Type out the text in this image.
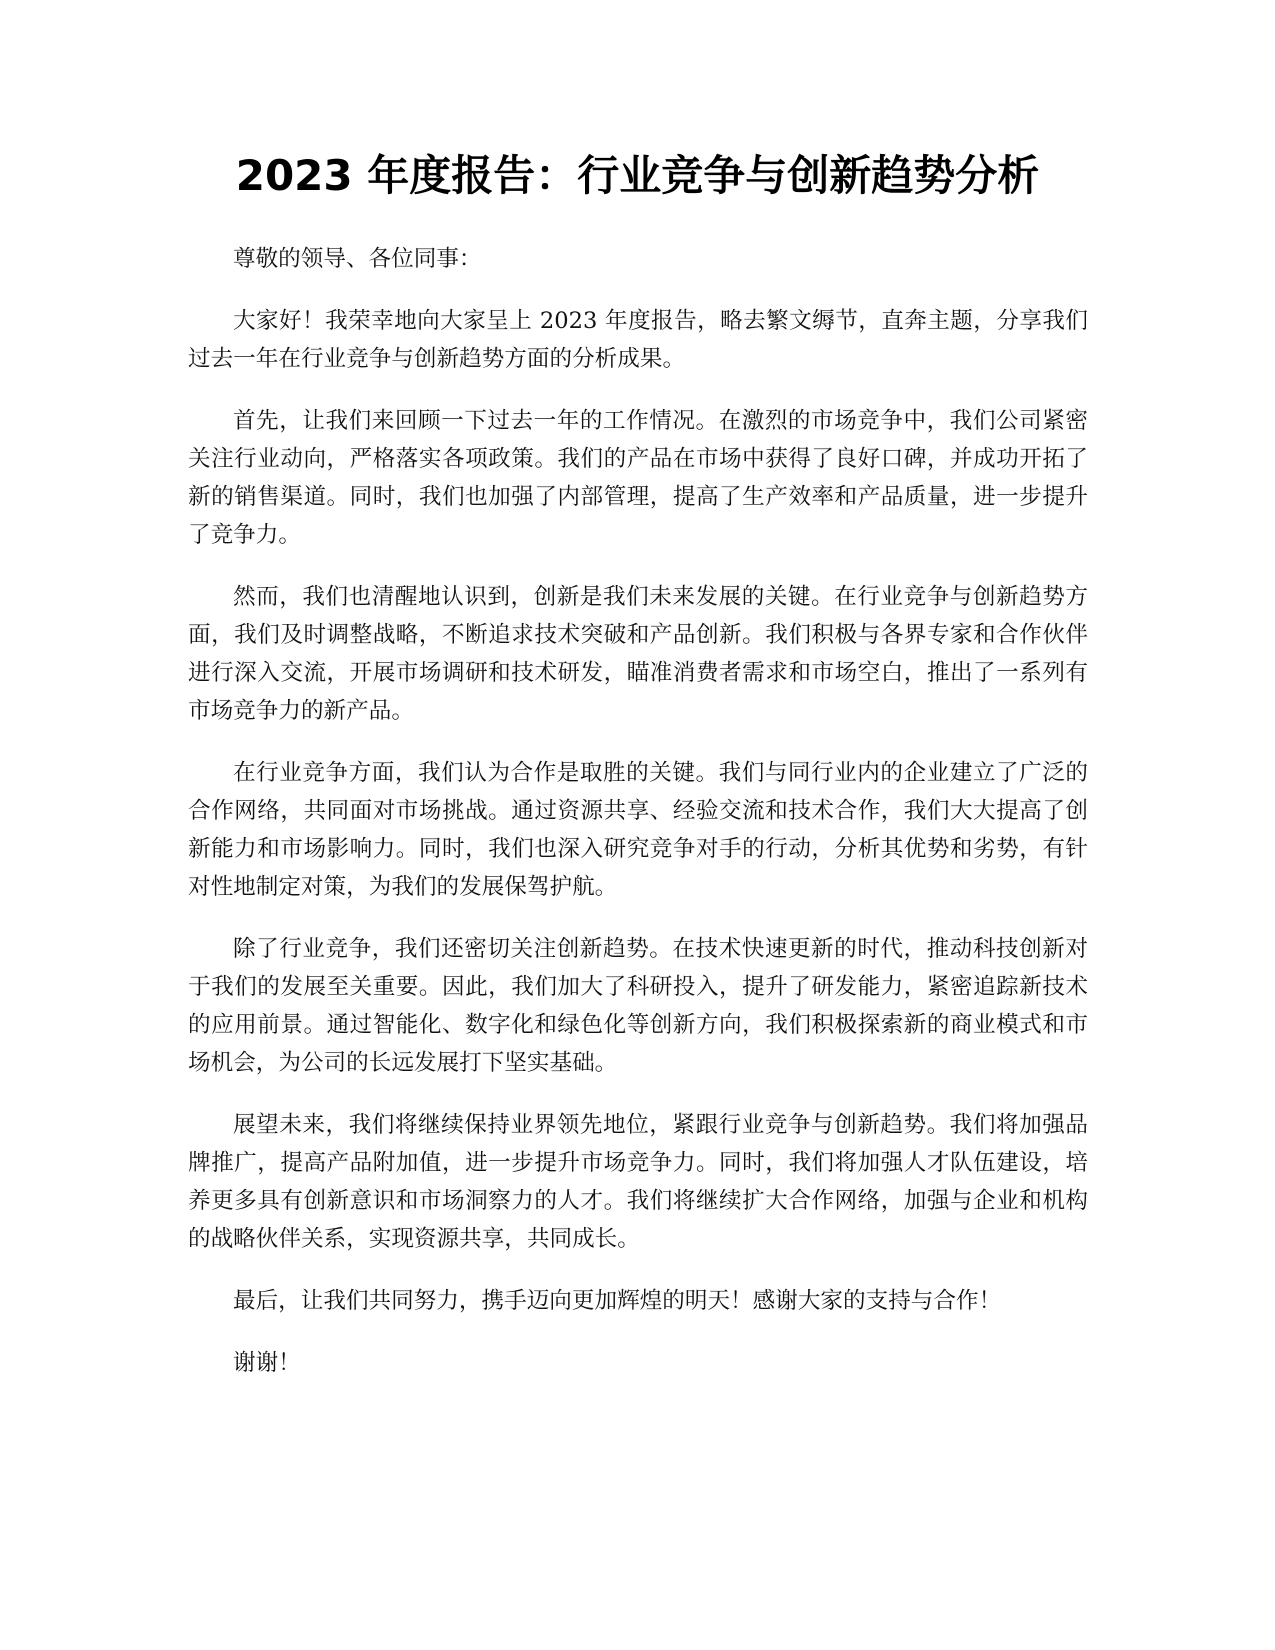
2023 年度报告：行业竞争与创新趋势分析

尊敬的领导、各位同事：

大家好！我荣幸地向大家呈上 2023 年度报告，略去繁文缛节，直奔主题，分享我们过去一年在行业竞争与创新趋势方面的分析成果。

首先，让我们来回顾一下过去一年的工作情况。在激烈的市场竞争中，我们公司紧密关注行业动向，严格落实各项政策。我们的产品在市场中获得了良好口碑，并成功开拓了新的销售渠道。同时，我们也加强了内部管理，提高了生产效率和产品质量，进一步提升了竞争力。

然而，我们也清醒地认识到，创新是我们未来发展的关键。在行业竞争与创新趋势方面，我们及时调整战略，不断追求技术突破和产品创新。我们积极与各界专家和合作伙伴进行深入交流，开展市场调研和技术研发，瞄准消费者需求和市场空白，推出了一系列有市场竞争力的新产品。

在行业竞争方面，我们认为合作是取胜的关键。我们与同行业内的企业建立了广泛的合作网络，共同面对市场挑战。通过资源共享、经验交流和技术合作，我们大大提高了创新能力和市场影响力。同时，我们也深入研究竞争对手的行动，分析其优势和劣势，有针对性地制定对策，为我们的发展保驾护航。

除了行业竞争，我们还密切关注创新趋势。在技术快速更新的时代，推动科技创新对于我们的发展至关重要。因此，我们加大了科研投入，提升了研发能力，紧密追踪新技术的应用前景。通过智能化、数字化和绿色化等创新方向，我们积极探索新的商业模式和市场机会，为公司的长远发展打下坚实基础。

展望未来，我们将继续保持业界领先地位，紧跟行业竞争与创新趋势。我们将加强品牌推广，提高产品附加值，进一步提升市场竞争力。同时，我们将加强人才队伍建设，培养更多具有创新意识和市场洞察力的人才。我们将继续扩大合作网络，加强与企业和机构的战略伙伴关系，实现资源共享，共同成长。

最后，让我们共同努力，携手迈向更加辉煌的明天！感谢大家的支持与合作！

谢谢！
